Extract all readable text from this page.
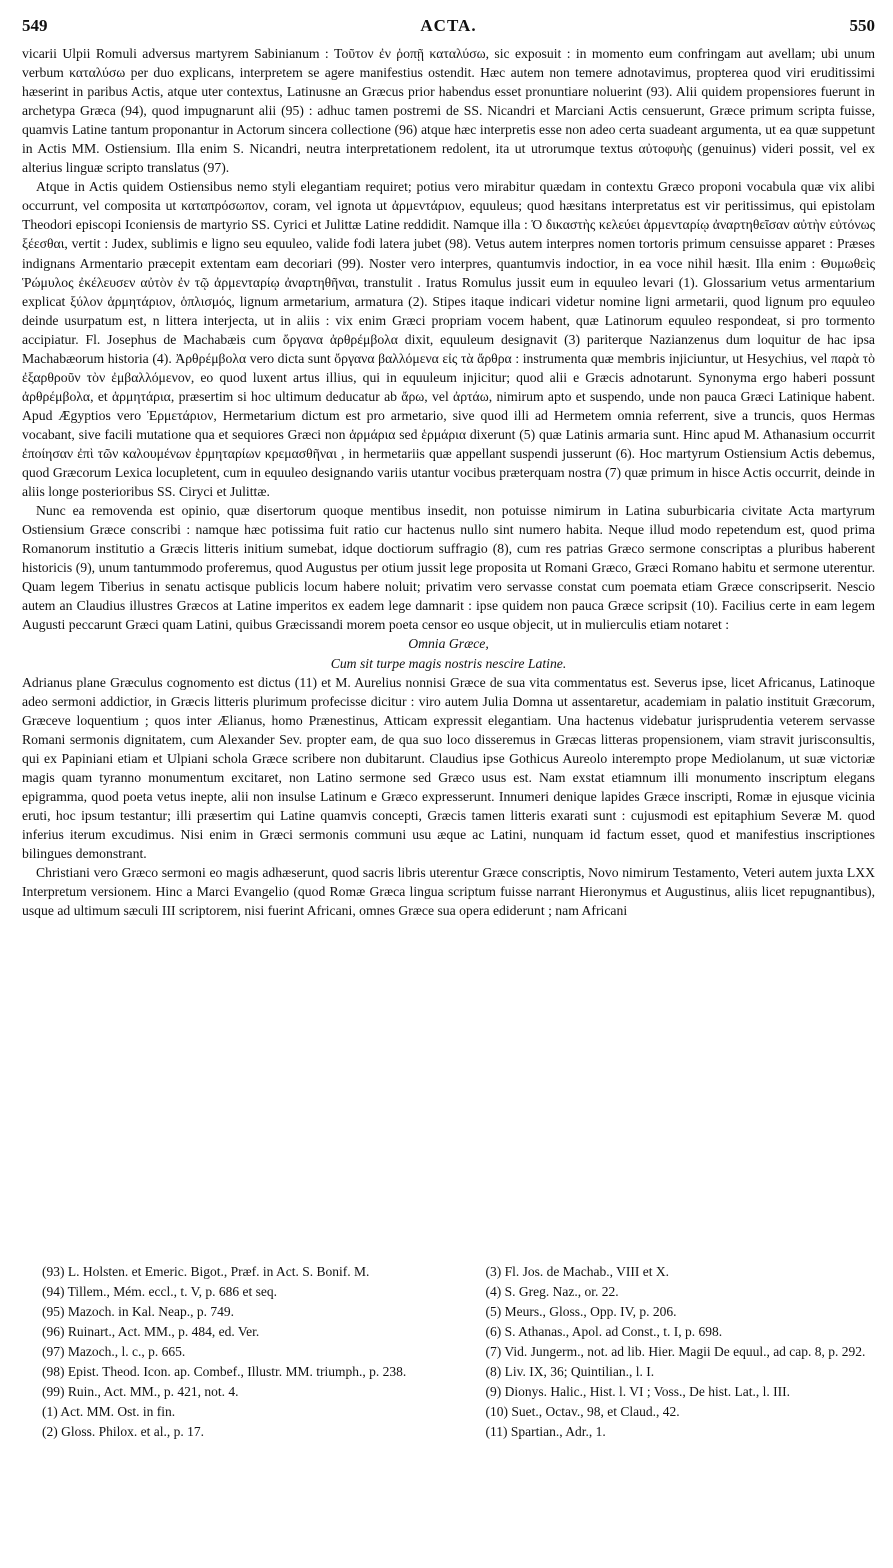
549	ACTA.	550

vicarii Ulpii Romuli adversus martyrem Sabinianum : Τοῦτον ἐν ῥοπῇ καταλύσω, sic exposuit : in momento eum confringam aut avellam; ubi unum verbum καταλύσω per duo explicans, interpretem se agere manifestius ostendit. Hæc autem non temere adnotavimus, propterea quod viri eruditissimi hæserint in paribus Actis, atque uter contextus, Latinusne an Græcus prior habendus esset pronuntiare noluerint (93). Alii quidem propensiores fuerunt in archetypa Græca (94), quod impugnarunt alii (95) : adhuc tamen postremi de SS. Nicandri et Marciani Actis censuerunt, Græce primum scripta fuisse, quamvis Latine tantum proponantur in Actorum sincera collectione (96) atque hæc interpretis esse non adeo certa suadeant argumenta, ut ea quæ suppetunt in Actis MM. Ostiensium. Illa enim S. Nicandri, neutra interpretationem redolent, ita ut utrorumque textus αὐτοφυὴς (genuinus) videri possit, vel ex alterius linguæ scripto translatus (97).

Atque in Actis quidem Ostiensibus nemo styli elegantiam requiret; potius vero mirabitur quædam in contextu Græco proponi vocabula quæ vix alibi occurrunt, vel composita ut καταπρόσωπον, coram, vel ignota ut ἀρμεντάριον, equuleus; quod hæsitans interpretatus est vir peritissimus, qui epistolam Theodori episcopi Iconiensis de martyrio SS. Cyrici et Julittæ Latine reddidit. Namque illa : Ὁ δικαστὴς κελεύει ἀρμενταρίῳ ἀναρτηθεῖσαν αὐτὴν εὐτόνως ξέεσθαι, vertit : Judex, sublimis e ligno seu equuleo, valide fodi latera jubet (98). Vetus autem interpres nomen tortoris primum censuisse apparet : Præses indignans Armentario præcepit extentam eam decoriari (99). Noster vero interpres, quantumvis indoctior, in ea voce nihil hæsit. Illa enim : Θυμωθεὶς Ῥώμυλος ἐκέλευσεν αὐτὸν ἐν τῷ ἀρμενταρίῳ ἀναρτηθῆναι, transtulit . Iratus Romulus jussit eum in equuleo levari (1). Glossarium vetus armentarium explicat ξύλον ἁρμητάριον, ὁπλισμός, lignum armetarium, armatura (2). Stipes itaque indicari videtur nomine ligni armetarii, quod lignum pro equuleo deinde usurpatum est, n littera interjecta, ut in aliis : vix enim Græci propriam vocem habent, quæ Latinorum equuleo respondeat, si pro tormento accipiatur. Fl. Josephus de Machabæis cum ὄργανα ἀρθρέμβολα dixit, equuleum designavit (3) pariterque Nazianzenus dum loquitur de hac ipsa Machabæorum historia (4). Ἀρθρέμβολα vero dicta sunt ὄργανα βαλλόμενα εἰς τὰ ἄρθρα : instrumenta quæ membris injiciuntur, ut Hesychius, vel παρὰ τὸ ἐξαρθροῦν τὸν ἐμβαλλόμενον, eo quod luxent artus illius, qui in equuleum injicitur; quod alii e Græcis adnotarunt. Synonyma ergo haberi possunt ἀρθρέμβολα, et ἁρμητάρια, præsertim si hoc ultimum deducatur ab ἄρω, vel ἀρτάω, nimirum apto et suspendo, unde non pauca Græci Latinique habent. Apud Ægyptios vero Ἑρμετάριον, Hermetarium dictum est pro armetario, sive quod illi ad Hermetem omnia referrent, sive a truncis, quos Hermas vocabant, sive facili mutatione qua et sequiores Græci non ἁρμάρια sed ἑρμάρια dixerunt (5) quæ Latinis armaria sunt. Hinc apud M. Athanasium occurrit ἐποίησαν ἐπὶ τῶν καλουμένων ἑρμηταρίων κρεμασθῆναι , in hermetariis quæ appellant suspendi jusserunt (6). Hoc martyrum Ostiensium Actis debemus, quod Græcorum Lexica locupletent, cum in equuleo designando variis utantur vocibus præterquam nostra (7) quæ primum in hisce Actis occurrit, deinde in aliis longe posterioribus SS. Ciryci et Julittæ.

Nunc ea removenda est opinio, quæ disertorum quoque mentibus insedit, non potuisse nimirum in Latina suburbicaria civitate Acta martyrum Ostiensium Græce conscribi : namque hæc potissima fuit ratio cur hactenus nullo sint numero habita. Neque illud modo repetendum est, quod prima Romanorum institutio a Græcis litteris initium sumebat, idque doctiorum suffragio (8), cum res patrias Græco sermone conscriptas a pluribus haberent historicis (9), unum tantummodo proferemus, quod Augustus per otium jussit lege proposita ut Romani Græco, Græci Romano habitu et sermone uterentur. Quam legem Tiberius in senatu actisque publicis locum habere noluit; privatim vero servasse constat cum poemata etiam Græce conscripserit. Nescio autem an Claudius illustres Græcos at Latine imperitos ex eadem lege damnarit : ipse quidem non pauca Græce scripsit (10). Facilius certe in eam legem Augusti peccarunt Græci quam Latini, quibus Græcissandi morem poeta censor eo usque objecit, ut in mulierculis etiam notaret :

Omnia Græce,

Cum sit turpe magis nostris nescire Latine.

Adrianus plane Græculus cognomento est dictus (11) et M. Aurelius nonnisi Græce de sua vita commentatus est. Severus ipse, licet Africanus, Latinoque adeo sermoni addictior, in Græcis litteris plurimum profecisse dicitur : viro autem Julia Domna ut assentaretur, academiam in palatio instituit Græcorum, Græceve loquentium ; quos inter Ælianus, homo Prænestinus, Atticam expressit elegantiam. Una hactenus videbatur jurisprudentia veterem servasse Romani sermonis dignitatem, cum Alexander Sev. propter eam, de qua suo loco disseremus in Græcas litteras propensionem, viam stravit jurisconsultis, qui ex Papiniani etiam et Ulpiani schola Græce scribere non dubitarunt. Claudius ipse Gothicus Aureolo interempto prope Mediolanum, ut suæ victoriæ magis quam tyranno monumentum excitaret, non Latino sermone sed Græco usus est. Nam exstat etiamnum illi monumento inscriptum elegans epigramma, quod poeta vetus inepte, alii non insulse Latinum e Græco expresserunt. Innumeri denique lapides Græce inscripti, Romæ in ejusque vicinia eruti, hoc ipsum testantur; illi præsertim qui Latine quamvis concepti, Græcis tamen litteris exarati sunt : cujusmodi est epitaphium Severæ M. quod inferius iterum excudimus. Nisi enim in Græci sermonis communi usu æque ac Latini, nunquam id factum esset, quod et manifestius inscriptiones bilingues demonstrant.

Christiani vero Græco sermoni eo magis adhæserunt, quod sacris libris uterentur Græce conscriptis, Novo nimirum Testamento, Veteri autem juxta LXX Interpretum versionem. Hinc a Marci Evangelio (quod Romæ Græca lingua scriptum fuisse narrant Hieronymus et Augustinus, aliis licet repugnantibus), usque ad ultimum sæculi III scriptorem, nisi fuerint Africani, omnes Græce sua opera ediderunt ; nam Africani

(93) L. Holsten. et Emeric. Bigot., Præf. in Act. S. Bonif. M.

(94) Tillem., Mém. eccl., t. V, p. 686 et seq.

(95) Mazoch. in Kal. Neap., p. 749.

(96) Ruinart., Act. MM., p. 484, ed. Ver.

(97) Mazoch., l. c., p. 665.

(98) Epist. Theod. Icon. ap. Combef., Illustr. MM. triumph., p. 238.

(99) Ruin., Act. MM., p. 421, not. 4.

(1) Act. MM. Ost. in fin.

(2) Gloss. Philox. et al., p. 17.

(3) Fl. Jos. de Machab., VIII et X.

(4) S. Greg. Naz., or. 22.

(5) Meurs., Gloss., Opp. IV, p. 206.

(6) S. Athanas., Apol. ad Const., t. I, p. 698.

(7) Vid. Jungerm., not. ad lib. Hier. Magii De equul., ad cap. 8, p. 292.

(8) Liv. IX, 36; Quintilian., l. I.

(9) Dionys. Halic., Hist. l. VI ; Voss., De hist. Lat., l. III.

(10) Suet., Octav., 98, et Claud., 42.

(11) Spartian., Adr., 1.
